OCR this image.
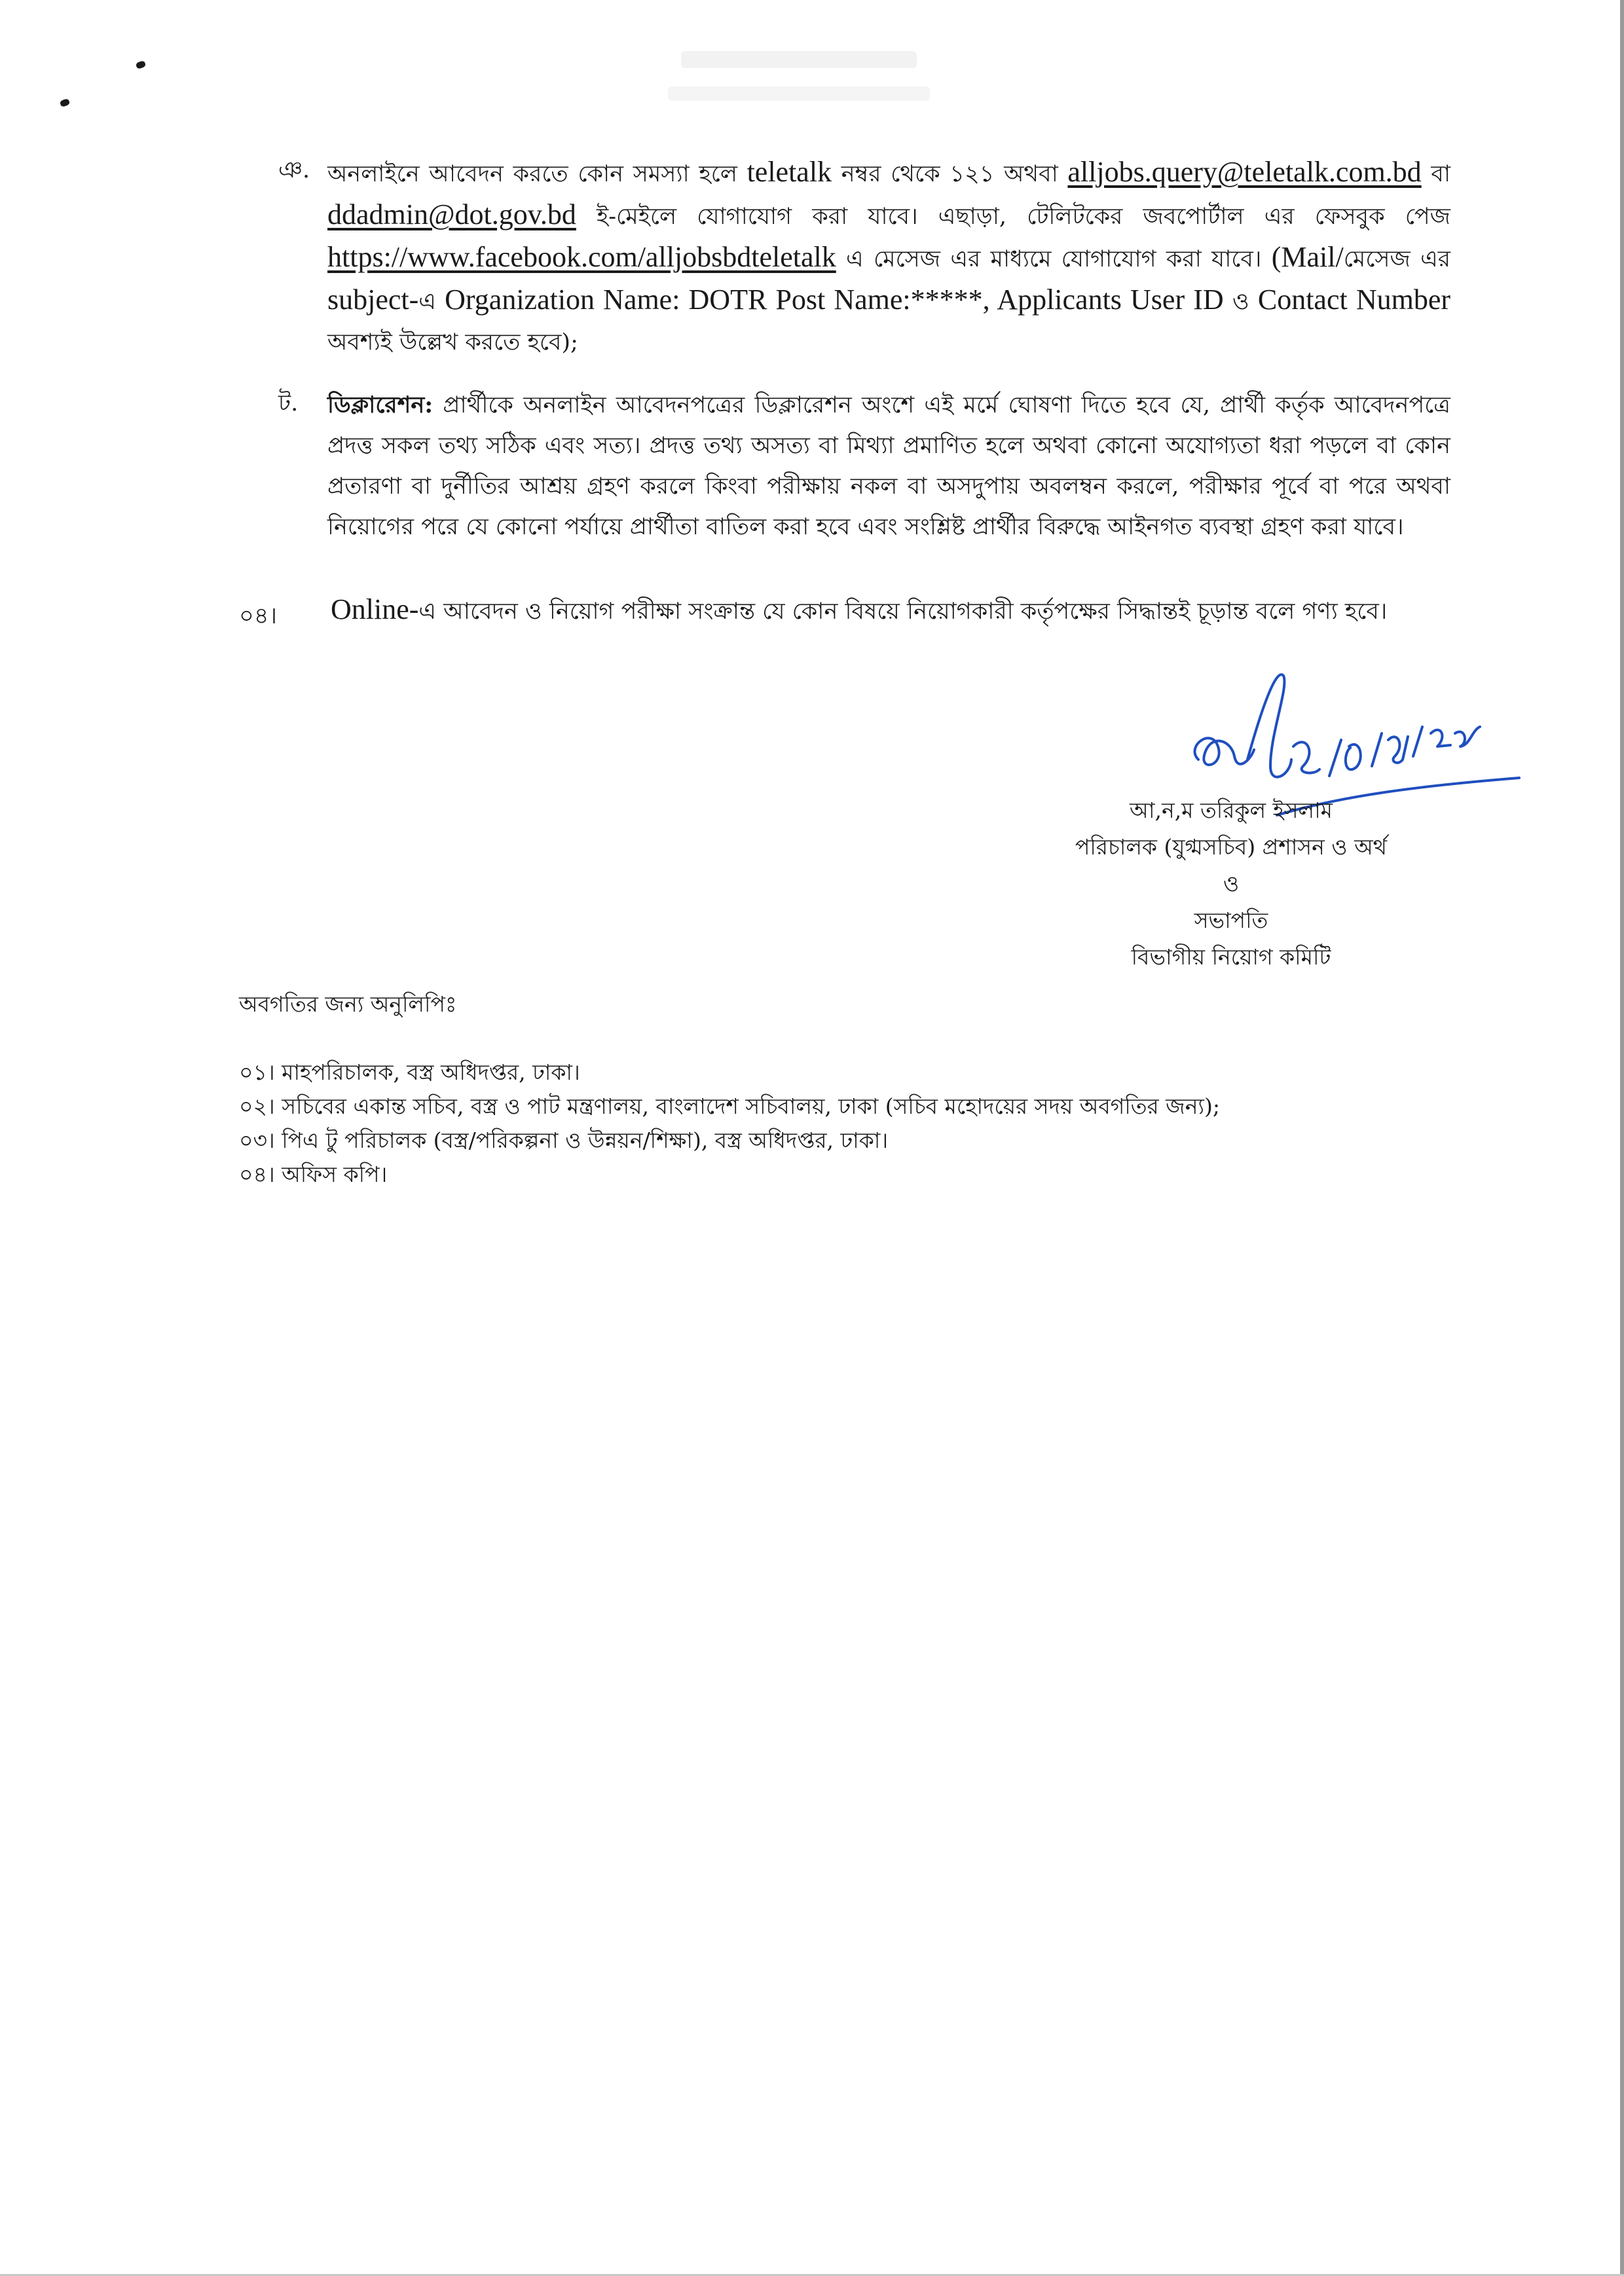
ঞ. অনলাইনে আবেদন করতে কোন সমস্যা হলে teletalk নম্বর থেকে ১২১ অথবা alljobs.query@teletalk.com.bd বা ddadmin@dot.gov.bd ই-মেইলে যোগাযোগ করা যাবে। এছাড়া, টেলিটকের জবপোর্টাল এর ফেসবুক পেজ https://www.facebook.com/alljobsbdteletalk এ মেসেজ এর মাধ্যমে যোগাযোগ করা যাবে। (Mail/মেসেজ এর subject-এ Organization Name: DOTR Post Name:*****, Applicants User ID ও Contact Number অবশ্যই উল্লেখ করতে হবে);
ট. ডিক্লারেশন: প্রার্থীকে অনলাইন আবেদনপত্রের ডিক্লারেশন অংশে এই মর্মে ঘোষণা দিতে হবে যে, প্রার্থী কর্তৃক আবেদনপত্রে প্রদত্ত সকল তথ্য সঠিক এবং সত্য। প্রদত্ত তথ্য অসত্য বা মিথ্যা প্রমাণিত হলে অথবা কোনো অযোগ্যতা ধরা পড়লে বা কোন প্রতারণা বা দুর্নীতির আশ্রয় গ্রহণ করলে কিংবা পরীক্ষায় নকল বা অসদুপায় অবলম্বন করলে, পরীক্ষার পূর্বে বা পরে অথবা নিয়োগের পরে যে কোনো পর্যায়ে প্রার্থীতা বাতিল করা হবে এবং সংশ্লিষ্ট প্রার্থীর বিরুদ্ধে আইনগত ব্যবস্থা গ্রহণ করা যাবে।
০৪। Online-এ আবেদন ও নিয়োগ পরীক্ষা সংক্রান্ত যে কোন বিষয়ে নিয়োগকারী কর্তৃপক্ষের সিদ্ধান্তই চূড়ান্ত বলে গণ্য হবে।
আ,ন,ম তরিকুল ইসলাম
পরিচালক (যুগ্মসচিব) প্রশাসন ও অর্থ
ও
সভাপতি
বিভাগীয় নিয়োগ কমিটি
অবগতির জন্য অনুলিপিঃ
০১। মাহপরিচালক, বস্ত্র অধিদপ্তর, ঢাকা।
০২। সচিবের একান্ত সচিব, বস্ত্র ও পাট মন্ত্রণালয়, বাংলাদেশ সচিবালয়, ঢাকা (সচিব মহোদয়ের সদয় অবগতির জন্য);
০৩। পিএ টু পরিচালক (বস্ত্র/পরিকল্পনা ও উন্নয়ন/শিক্ষা), বস্ত্র অধিদপ্তর, ঢাকা।
০৪। অফিস কপি।
